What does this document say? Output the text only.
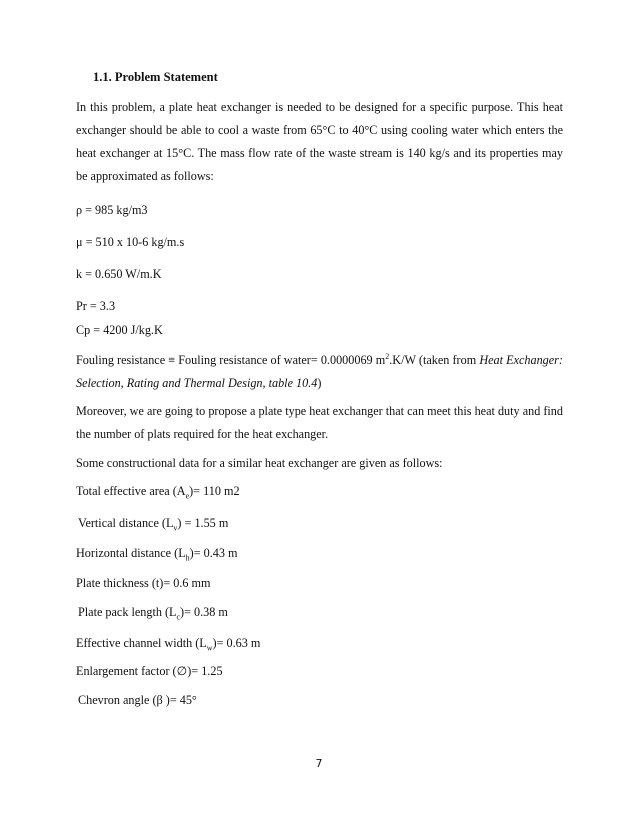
1.1. Problem Statement
In this problem, a plate heat exchanger is needed to be designed for a specific purpose. This heat exchanger should be able to cool a waste from 65°C to 40°C using cooling water which enters the heat exchanger at 15°C. The mass flow rate of the waste stream is 140 kg/s and its properties may be approximated as follows:
ρ = 985 kg/m3
μ = 510 x 10-6 kg/m.s
k = 0.650 W/m.K
Pr = 3.3
Cp = 4200 J/kg.K
Fouling resistance ≡ Fouling resistance of water= 0.0000069 $m^2.K/W$ (taken from Heat Exchanger: Selection, Rating and Thermal Design, table 10.4)
Moreover, we are going to propose a plate type heat exchanger that can meet this heat duty and find the number of plats required for the heat exchanger.
Some constructional data for a similar heat exchanger are given as follows:
Total effective area $(A_e)= 110$ m2
Vertical distance $(L_v) = 1.55$ m
Horizontal distance $(L_h)= 0.43$ m
Plate thickness (t)= 0.6 mm
Plate pack length $(L_c)= 0.38$ m
Effective channel width $(L_w)= 0.63$ m
Enlargement factor (∅)= 1.25
Chevron angle (β )= 45°
7
